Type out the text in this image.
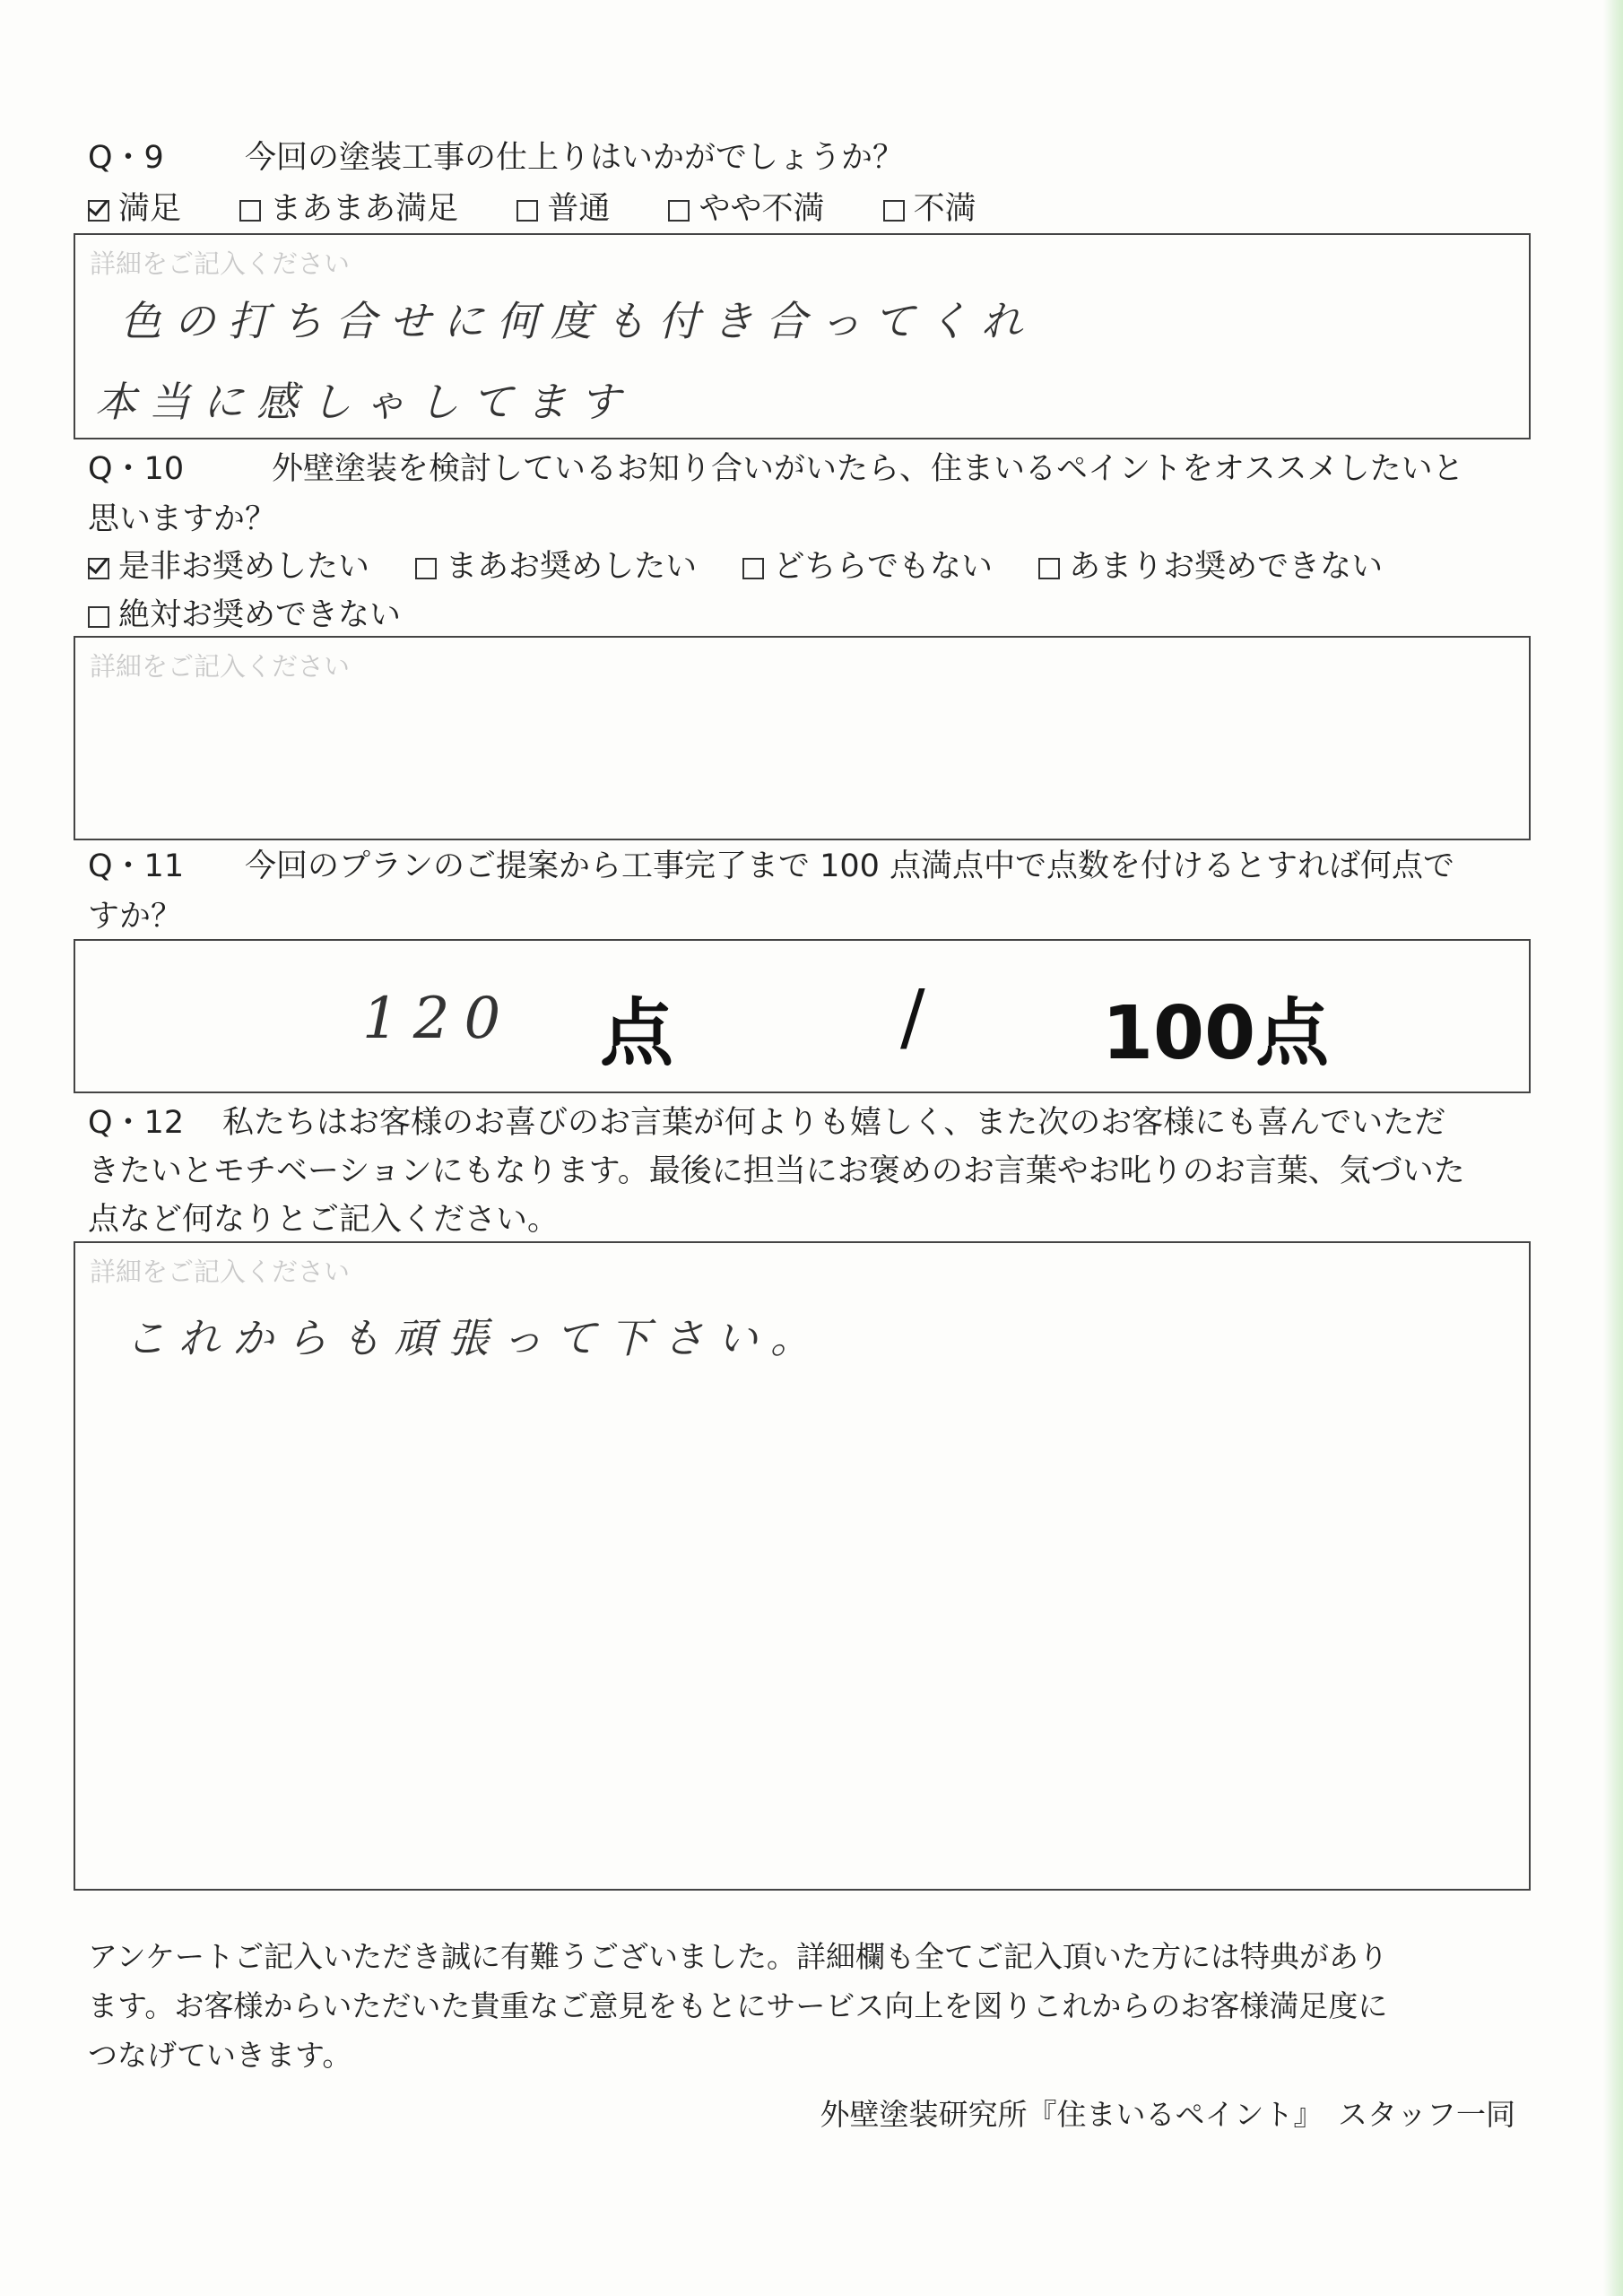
Q・9	今回の塗装工事の仕上りはいかがでしょうか？
満足	まあまあ満足	普通	やや不満	不満
詳細をご記入ください
色の打ち合せに何度も付き合ってくれ
本当に感しゃしてます
Q・10	外壁塗装を検討しているお知り合いがいたら、住まいるペイントをオススメしたいと
思いますか？
是非お奨めしたい まあお奨めしたい どちらでもない あまりお奨めできない
絶対お奨めできない
詳細をご記入ください
Q・11 今回のプランのご提案から工事完了まで 100 点満点中で点数を付けるとすれば何点で
すか？
120 点	/ 100点
Q・12 私たちはお客様のお喜びのお言葉が何よりも嬉しく、また次のお客様にも喜んでいただ
きたいとモチベーションにもなります。最後に担当にお褒めのお言葉やお叱りのお言葉、気づいた
点など何なりとご記入ください。
詳細をご記入ください
これからも頑張って下さい。
アンケートご記入いただき誠に有難うございました。詳細欄も全てご記入頂いた方には特典があり
ます。お客様からいただいた貴重なご意見をもとにサービス向上を図りこれからのお客様満足度に
つなげていきます。
外壁塗装研究所『住まいるペイント』　スタッフ一同
